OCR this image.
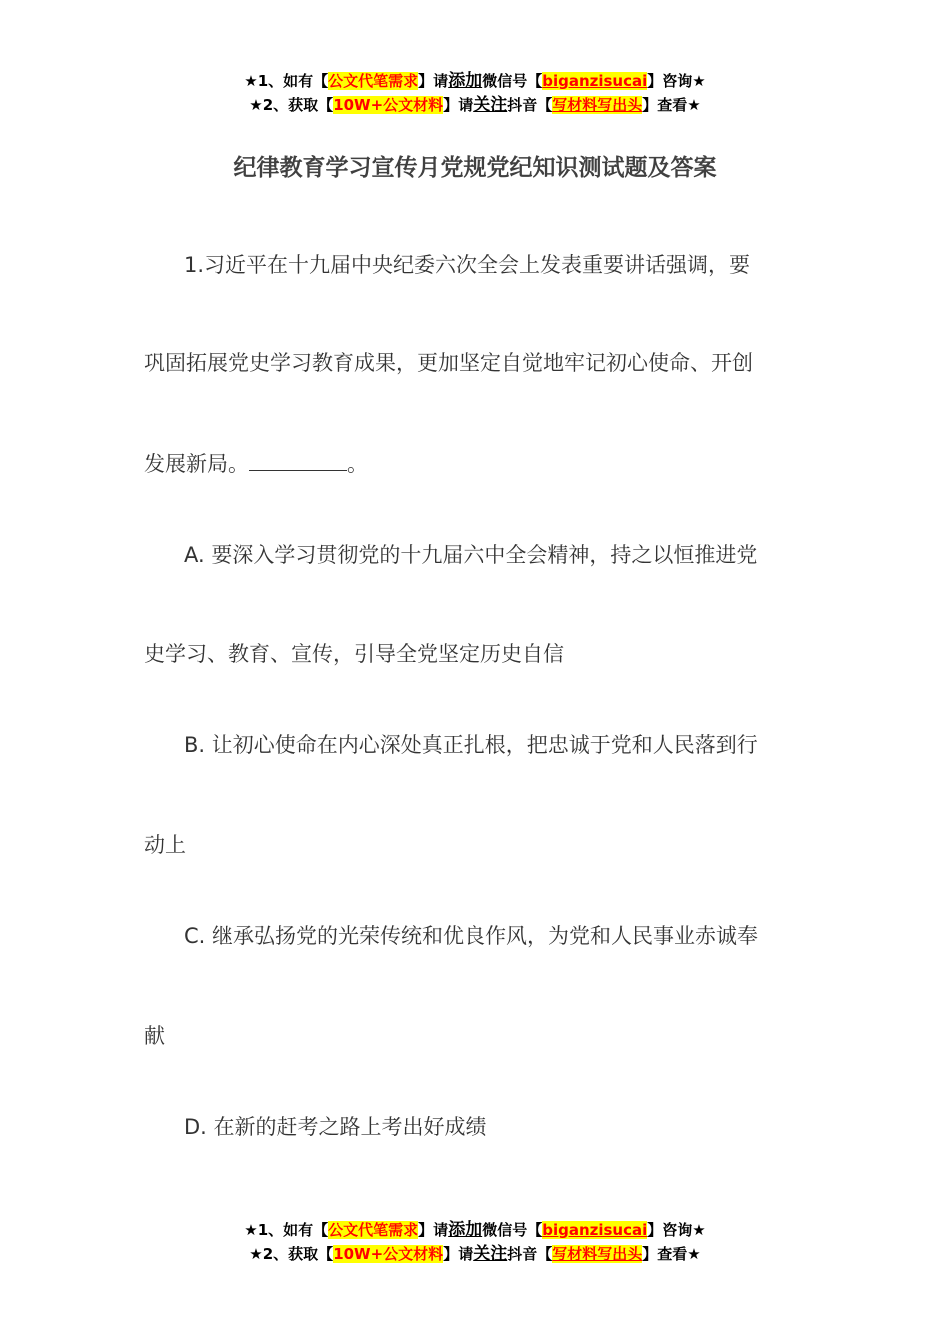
★1、如有【公文代笔需求】请添加微信号【biganzisucai】咨询★
★2、获取【10W+公文材料】请关注抖音【写材料写出头】查看★
纪律教育学习宣传月党规党纪知识测试题及答案
1.习近平在十九届中央纪委六次全会上发表重要讲话强调，要
巩固拓展党史学习教育成果，更加坚定自觉地牢记初心使命、开创
发展新局。	。
A. 要深入学习贯彻党的十九届六中全会精神，持之以恒推进党
史学习、教育、宣传，引导全党坚定历史自信
B. 让初心使命在内心深处真正扎根，把忠诚于党和人民落到行
动上
C. 继承弘扬党的光荣传统和优良作风，为党和人民事业赤诚奉
献
D. 在新的赶考之路上考出好成绩
★1、如有【公文代笔需求】请添加微信号【biganzisucai】咨询★
★2、获取【10W+公文材料】请关注抖音【写材料写出头】查看★
